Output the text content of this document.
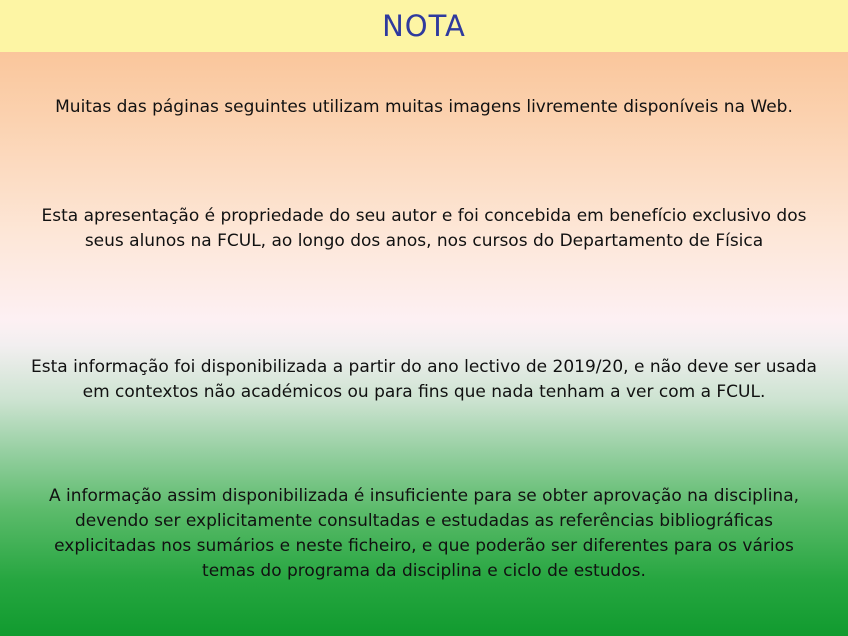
NOTA
Muitas das páginas seguintes utilizam muitas imagens livremente disponíveis na Web.
Esta apresentação é propriedade do seu autor e foi concebida em benefício exclusivo dos seus alunos na FCUL, ao longo dos anos, nos cursos do Departamento de Física
Esta informação foi disponibilizada a partir do ano lectivo de 2019/20, e não deve ser usada em contextos não académicos ou para fins que nada tenham a ver com a FCUL.
A informação assim disponibilizada é insuficiente para se obter aprovação na disciplina, devendo ser explicitamente consultadas e estudadas as referências bibliográficas explicitadas nos sumários e neste ficheiro, e que poderão ser diferentes para os vários temas do programa da disciplina e ciclo de estudos.
